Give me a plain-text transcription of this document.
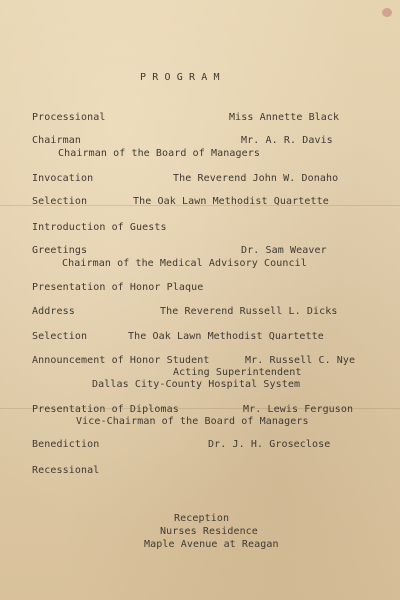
P R O G R A M
Processional	Miss Annette Black
Chairman	Mr. A. R. Davis
Chairman of the Board of Managers
Invocation	The Reverend John W. Donaho
Selection	The Oak Lawn Methodist Quartette
Introduction of Guests
Greetings	Dr. Sam Weaver
Chairman of the Medical Advisory Council
Presentation of Honor Plaque
Address	The Reverend Russell L. Dicks
Selection	The Oak Lawn Methodist Quartette
Announcement of Honor Student	Mr. Russell C. Nye
Acting Superintendent
Dallas City-County Hospital System
Presentation of Diplomas	Mr. Lewis Ferguson
Vice-Chairman of the Board of Managers
Benediction	Dr. J. H. Groseclose
Recessional
Reception
Nurses Residence
Maple Avenue at Reagan
